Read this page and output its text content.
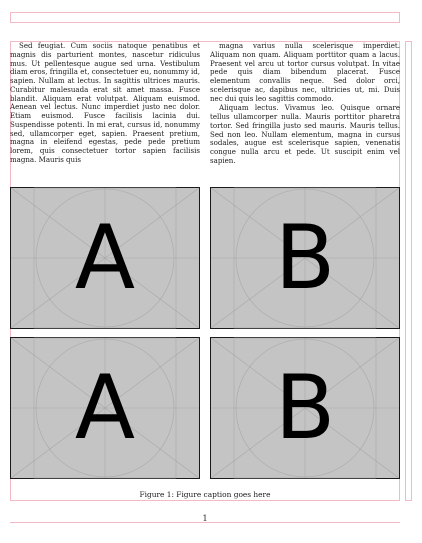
Sed feugiat. Cum sociis natoque penatibus et magnis dis parturient montes, nascetur ridiculus mus. Ut pellentesque augue sed urna. Vestibulum diam eros, fringilla et, consectetuer eu, nonummy id, sapien. Nullam at lectus. In sagittis ultrices mauris. Curabitur malesuada erat sit amet massa. Fusce blandit. Aliquam erat volutpat. Aliquam euismod. Aenean vel lectus. Nunc imperdiet justo nec dolor. Etiam euismod. Fusce facilisis lacinia dui. Suspendisse potenti. In mi erat, cursus id, nonummy sed, ullamcorper eget, sapien. Praesent pretium, magna in eleifend egestas, pede pede pretium lorem, quis consectetuer tortor sapien facilisis magna. Mauris quis

magna varius nulla scelerisque imperdiet. Aliquam non quam. Aliquam porttitor quam a lacus. Praesent vel arcu ut tortor cursus volutpat. In vitae pede quis diam bibendum placerat. Fusce elementum convallis neque. Sed dolor orci, scelerisque ac, dapibus nec, ultricies ut, mi. Duis nec dui quis leo sagittis commodo.

Aliquam lectus. Vivamus leo. Quisque ornare tellus ullamcorper nulla. Mauris porttitor pharetra tortor. Sed fringilla justo sed mauris. Mauris tellus. Sed non leo. Nullam elementum, magna in cursus sodales, augue est scelerisque sapien, venenatis congue nulla arcu et pede. Ut suscipit enim vel sapien.

A B
A B
Figure 1: Figure caption goes here
1
